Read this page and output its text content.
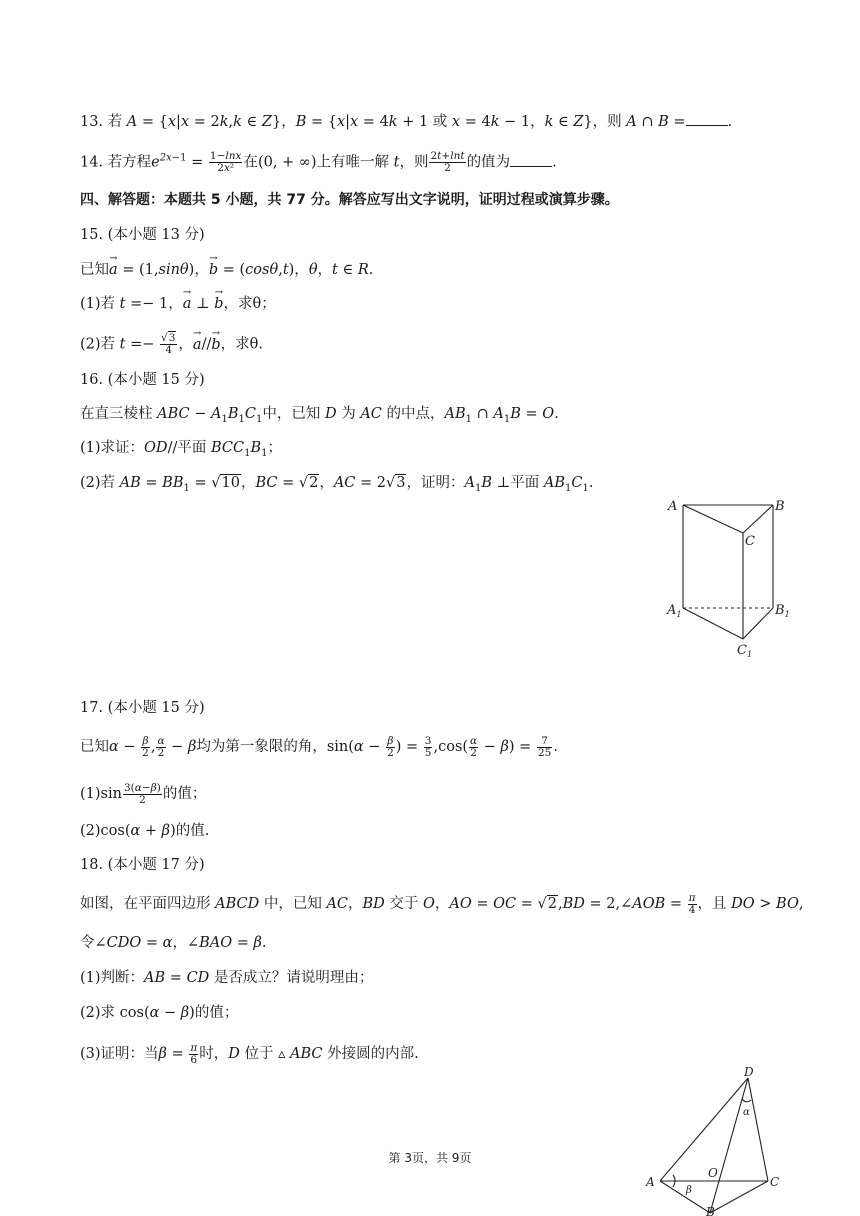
13. 若 A = {x|x = 2k,k ∈ Z}，B = {x|x = 4k + 1 或 x = 4k − 1，k ∈ Z}，则 A ∩ B =	.
14. 若方程$e^{2x-1} = \frac{1-\ln x}{\text{2x²}}$ 在(0, + ∞)上有唯一解 t，则 $\frac{2t+\ln t}{2}$ 的值为	.
四、解答题：本题共 5 小题，共 77 分。解答应写出文字说明，证明过程或演算步骤。
15. (本小题 13 分)
已知→ a = (1,sinθ)，→ b = (cosθ,t)，θ，t ∈ R.
(1)若 t =− 1，→ a ⊥ → b，求θ；
(2)若 $t =- \frac{√3}{4}$ ，→ a//→ b，求θ.
16. (本小题 15 分)
在直三棱柱 ABC − $A_1B_1C_1$中，已知 D 为 AC 的中点，$AB_1$ ∩ $A_1B = O$.
(1)求证：OD//平面 $BCC_1B_1$；
(2)若 AB = $BB_1 = √10$，BC = √2，AC = 2√3，证明：$A_1B$ ⊥平面 $AB_1C_1$.
A	B
C
$A_1$	$B_1$
$C_1$
17. (本小题 15 分)
已知$\alpha - \frac{\beta}{2}$ , $\frac{\alpha}{2} - \beta$均为第一象限的角，$\sin(\alpha - \frac{\beta}{2}$ ) = $\frac{3}{5} ,\cos( \frac{\alpha}{2} - \beta) = \frac{7}{25}$ .
$(1)\sin \frac{3(\alpha-\beta)}{2}$ 的值；
(2)cos(α + β)的值.
18. (本小题 17 分)
如图，在平面四边形 ABCD 中，已知 AC，BD 交于 O，AO = OC = √2,BD = 2,∠AOB = $\frac{\pi}{4}$ ，且 DO > BO,
令∠CDO = α，∠BAO = β.
(1)判断：AB = CD 是否成立？请说明理由；
(2)求 cos(α − β)的值；
(3)证明：当$\beta = \frac{\pi}{6}$ 时，D 位于 ▵ ABC 外接圆的内部.
D
α
O
A
β
C
B
第 3页，共 9页
